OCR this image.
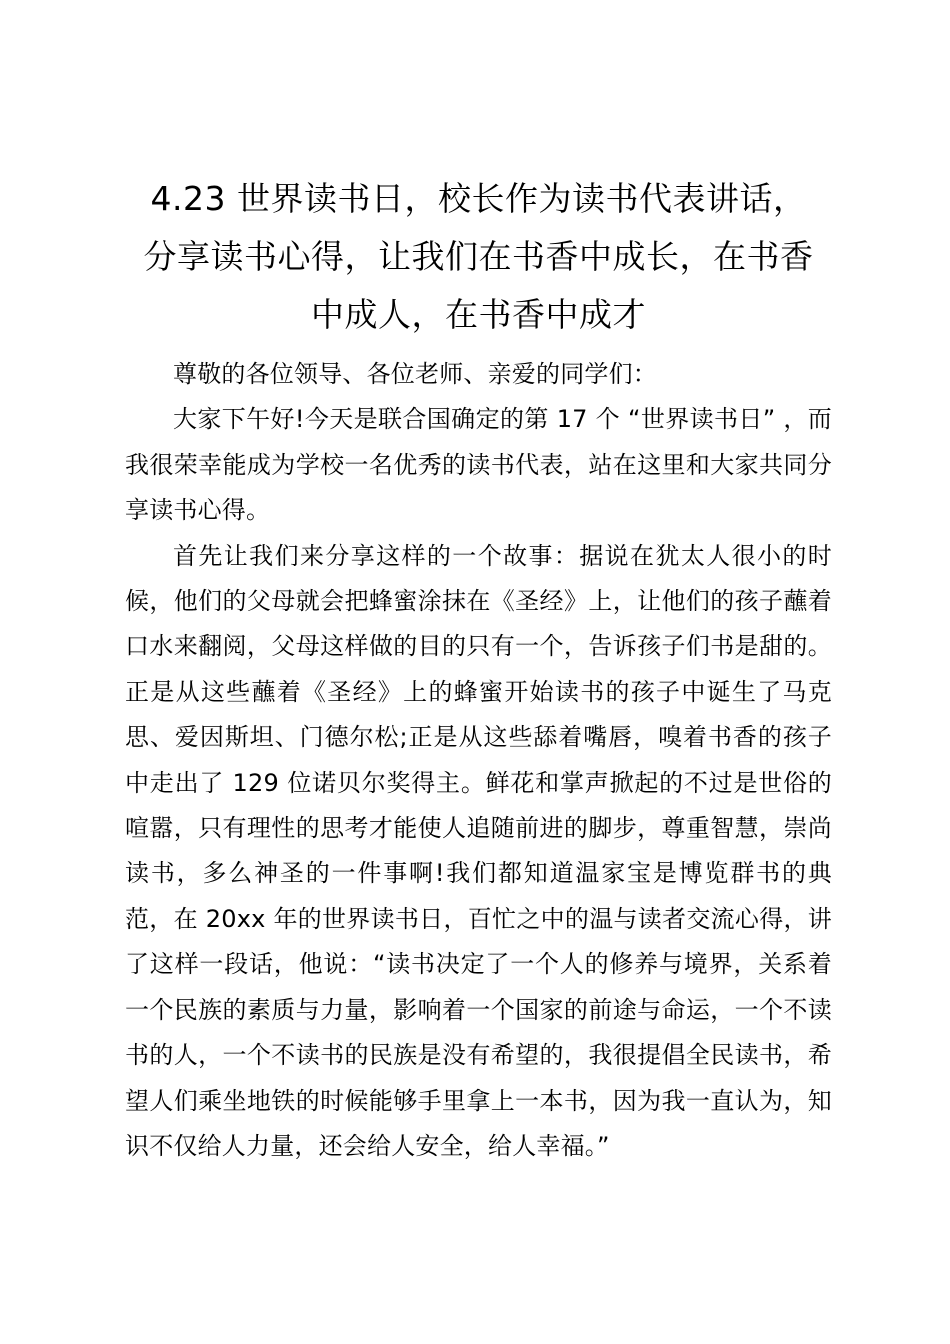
4.23 世界读书日，校长作为读书代表讲话，
分享读书心得，让我们在书香中成长，在书香
中成人，在书香中成才

尊敬的各位领导、各位老师、亲爱的同学们：

大家下午好!今天是联合国确定的第 17 个 “世界读书日” ，而我很荣幸能成为学校一名优秀的读书代表，站在这里和大家共同分享读书心得。

首先让我们来分享这样的一个故事：据说在犹太人很小的时候，他们的父母就会把蜂蜜涂抹在《圣经》上，让他们的孩子蘸着口水来翻阅，父母这样做的目的只有一个，告诉孩子们书是甜的。正是从这些蘸着《圣经》上的蜂蜜开始读书的孩子中诞生了马克思、爱因斯坦、门德尔松;正是从这些舔着嘴唇，嗅着书香的孩子中走出了 129 位诺贝尔奖得主。鲜花和掌声掀起的不过是世俗的喧嚣，只有理性的思考才能使人追随前进的脚步，尊重智慧，崇尚读书，多么神圣的一件事啊!我们都知道温家宝是博览群书的典范，在 20xx 年的世界读书日，百忙之中的温与读者交流心得，讲了这样一段话，他说：“读书决定了一个人的修养与境界，关系着一个民族的素质与力量，影响着一个国家的前途与命运，一个不读书的人，一个不读书的民族是没有希望的，我很提倡全民读书，希望人们乘坐地铁的时候能够手里拿上一本书，因为我一直认为，知识不仅给人力量，还会给人安全，给人幸福。”
